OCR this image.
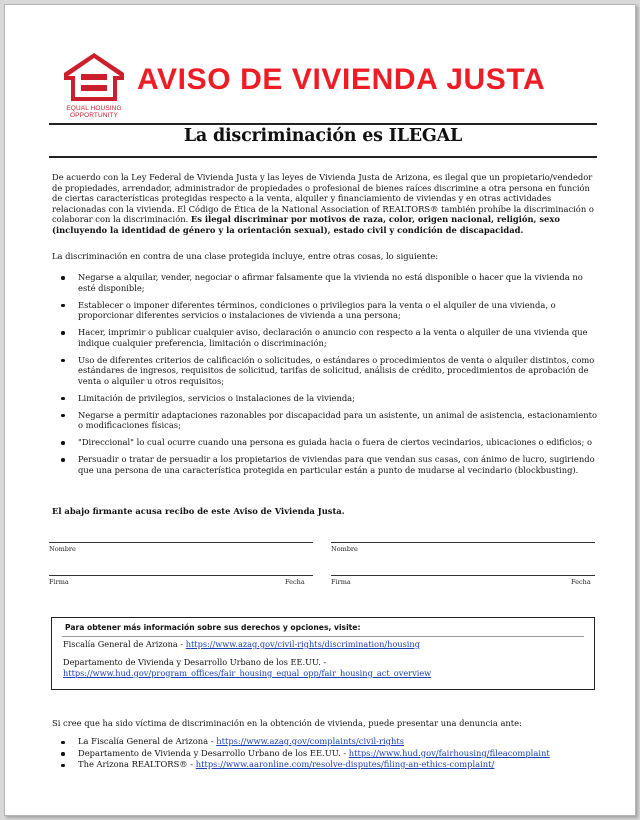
EQUAL HOUSING
OPPORTUNITY
AVISO DE VIVIENDA JUSTA
La discriminación es ILEGAL

De acuerdo con la Ley Federal de Vivienda Justa y las leyes de Vivienda Justa de Arizona, es ilegal que un propietario/vendedor de propiedades, arrendador, administrador de propiedades o profesional de bienes raíces discrimine a otra persona en función de ciertas características protegidas respecto a la venta, alquiler y financiamiento de viviendas y en otras actividades relacionadas con la vivienda. El Código de Ética de la National Association of REALTORS® también prohíbe la discriminación o colaborar con la discriminación. Es ilegal discriminar por motivos de raza, color, origen nacional, religión, sexo (incluyendo la identidad de género y la orientación sexual), estado civil y condición de discapacidad.

La discriminación en contra de una clase protegida incluye, entre otras cosas, lo siguiente:

Negarse a alquilar, vender, negociar o afirmar falsamente que la vivienda no está disponible o hacer que la vivienda no esté disponible;
Establecer o imponer diferentes términos, condiciones o privilegios para la venta o el alquiler de una vivienda, o proporcionar diferentes servicios o instalaciones de vivienda a una persona;
Hacer, imprimir o publicar cualquier aviso, declaración o anuncio con respecto a la venta o alquiler de una vivienda que indique cualquier preferencia, limitación o discriminación;
Uso de diferentes criterios de calificación o solicitudes, o estándares o procedimientos de venta o alquiler distintos, como estándares de ingresos, requisitos de solicitud, tarifas de solicitud, análisis de crédito, procedimientos de aprobación de venta o alquiler u otros requisitos;
Limitación de privilegios, servicios o instalaciones de la vivienda;
Negarse a permitir adaptaciones razonables por discapacidad para un asistente, un animal de asistencia, estacionamiento o modificaciones físicas;
"Direccional" lo cual ocurre cuando una persona es guiada hacia o fuera de ciertos vecindarios, ubicaciones o edificios; o
Persuadir o tratar de persuadir a los propietarios de viviendas para que vendan sus casas, con ánimo de lucro, sugiriendo que una persona de una característica protegida en particular están a punto de mudarse al vecindario (blockbusting).

El abajo firmante acusa recibo de este Aviso de Vivienda Justa.

Nombre
Firma	Fecha
Nombre
Firma	Fecha

Para obtener más información sobre sus derechos y opciones, visite:

Fiscalía General de Arizona - https://www.azag.gov/civil-rights/discrimination/housing

Departamento de Vivienda y Desarrollo Urbano de los EE.UU. -
https://www.hud.gov/program_offices/fair_housing_equal_opp/fair_housing_act_overview

Si cree que ha sido víctima de discriminación en la obtención de vivienda, puede presentar una denuncia ante:

La Fiscalía General de Arizona - https://www.azag.gov/complaints/civil-rights
Departamento de Vivienda y Desarrollo Urbano de los EE.UU. - https://www.hud.gov/fairhousing/fileacomplaint
The Arizona REALTORS® - https://www.aaronline.com/resolve-disputes/filing-an-ethics-complaint/
